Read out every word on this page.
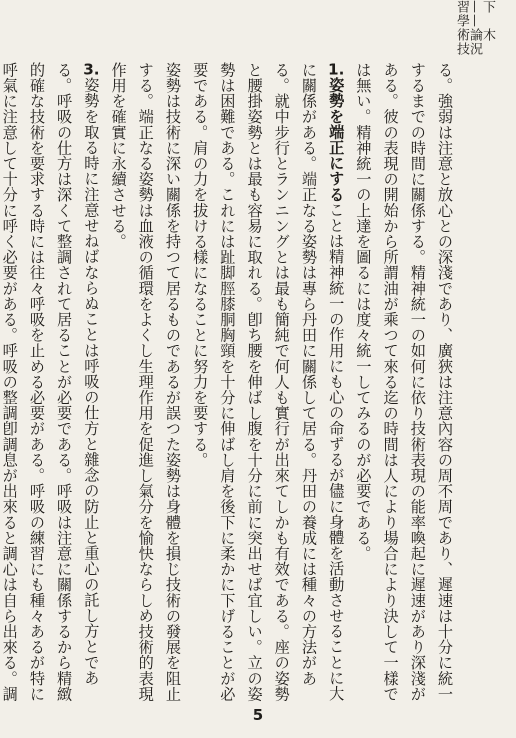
下　木——論況習學術技

る。強弱は注意と放心との深淺であり、廣狹は注意內容の周不周であり、遲速は十分に統一するまでの時間に關係する。精神統一の如何に依り技術表現の能率喚起に遲速があり深淺がある。彼の表現の開始から所謂油が乘つて來る迄の時間は人により場合により決して一樣では無い。精神統一の上達を圖るには度々統一してみるのが必要である。

1.姿勢を端正にすることは精神統一の作用にも心の命ずるが儘に身體を活動させることに大に關係がある。端正なる姿勢は專ら丹田に關係して居る。丹田の養成には種々の方法がある。就中步行とランニングとは最も簡純で何人も實行が出來てしかも有效である。座の姿勢と腰掛姿勢とは最も容易に取れる。卽ち腰を伸ばし腹を十分に前に突出せば宜しい。立の姿勢は困難である。これには趾脚脛膝胴胸頸を十分に伸ばし肩を後下に柔かに下げることが必要である。肩の力を拔ける樣になることに努力を要する。

姿勢は技術に深い關係を持つて居るものであるが誤つた姿勢は身體を損じ技術の發展を阻止する。端正なる姿勢は血液の循環をよくし生理作用を促進し氣分を愉快ならしめ技術的表現作用を確實に永續させる。

3.姿勢を取る時に注意せねばならぬことは呼吸の仕方と雜念の防止と重心の託し方とである。呼吸の仕方は深くて整調されて居ることが必要である。呼吸は注意に關係するから精緻的確な技術を要求する時には往々呼吸を止める必要がある。呼吸の練習にも種々あるが特に呼氣に注意して十分に呼く必要がある。呼吸の整調卽調息が出來ると調心は自ら出來る。調

5
